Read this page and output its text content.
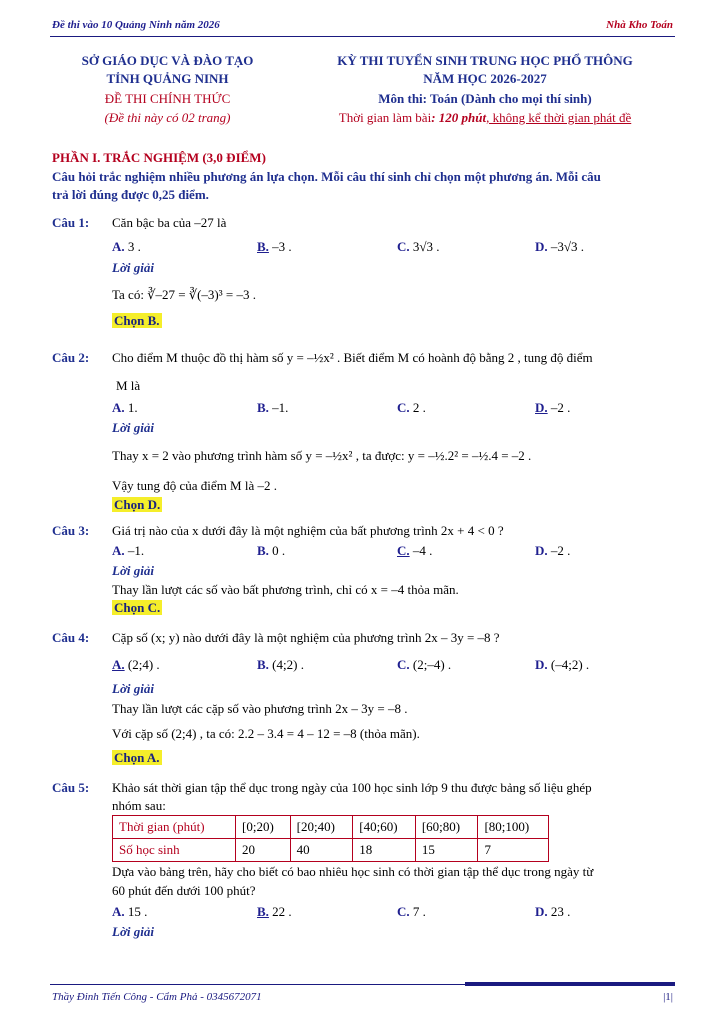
Đề thi vào 10 Quảng Ninh năm 2026	Nhà Kho Toán
SỞ GIÁO DỤC VÀ ĐÀO TẠO
TỈNH QUẢNG NINH
ĐỀ THI CHÍNH THỨC
(Đề thi này có 02 trang)
KỲ THI TUYỂN SINH TRUNG HỌC PHỔ THÔNG
NĂM HỌC 2026-2027
Môn thi: Toán (Dành cho mọi thí sinh)
Thời gian làm bài: 120 phút, không kể thời gian phát đề
PHẦN I. TRẮC NGHIỆM (3,0 ĐIỂM)
Câu hỏi trắc nghiệm nhiều phương án lựa chọn. Mỗi câu thí sinh chỉ chọn một phương án. Mỗi câu
trả lời đúng được 0,25 điểm.
Câu 1: Căn bậc ba của –27 là
A. 3 .	B. –3 .	C. 3√3 .	D. –3√3 .
Lời giải
Ta có: ∛–27 = ∛(–3)³ = –3 .
Chọn B.
Câu 2: Cho điểm M thuộc đồ thị hàm số y = –½x² . Biết điểm M có hoành độ bằng 2 , tung độ điểm
M là
A. 1.	B. –1.	C. 2 .	D. –2 .
Lời giải
Thay x = 2 vào phương trình hàm số y = –½x² , ta được: y = –½.2² = –½.4 = –2 .
Vậy tung độ của điểm M là –2 .
Chọn D.
Câu 3: Giá trị nào của x dưới đây là một nghiệm của bất phương trình 2x + 4 < 0 ?
A. –1.	B. 0 .	C. –4 .	D. –2 .
Lời giải
Thay lần lượt các số vào bất phương trình, chỉ có x = –4 thỏa mãn.
Chọn C.
Câu 4: Cặp số (x; y) nào dưới đây là một nghiệm của phương trình 2x – 3y = –8 ?
A. (2;4) .	B. (4;2) .	C. (2;–4) .	D. (–4;2) .
Lời giải
Thay lần lượt các cặp số vào phương trình 2x – 3y = –8 .
Với cặp số (2;4) , ta có: 2.2 – 3.4 = 4 – 12 = –8 (thỏa mãn).
Chọn A.
Câu 5: Khảo sát thời gian tập thể dục trong ngày của 100 học sinh lớp 9 thu được bảng số liệu ghép
nhóm sau:
Thời gian (phút)	[0;20)	[20;40)	[40;60)	[60;80)	[80;100)
Số học sinh	20	40	18	15	7
Dựa vào bảng trên, hãy cho biết có bao nhiêu học sinh có thời gian tập thể dục trong ngày từ
60 phút đến dưới 100 phút?
A. 15 .	B. 22 .	C. 7 .	D. 23 .
Lời giải
Thầy Đinh Tiến Công - Cẩm Phả - 0345672071	|1|
